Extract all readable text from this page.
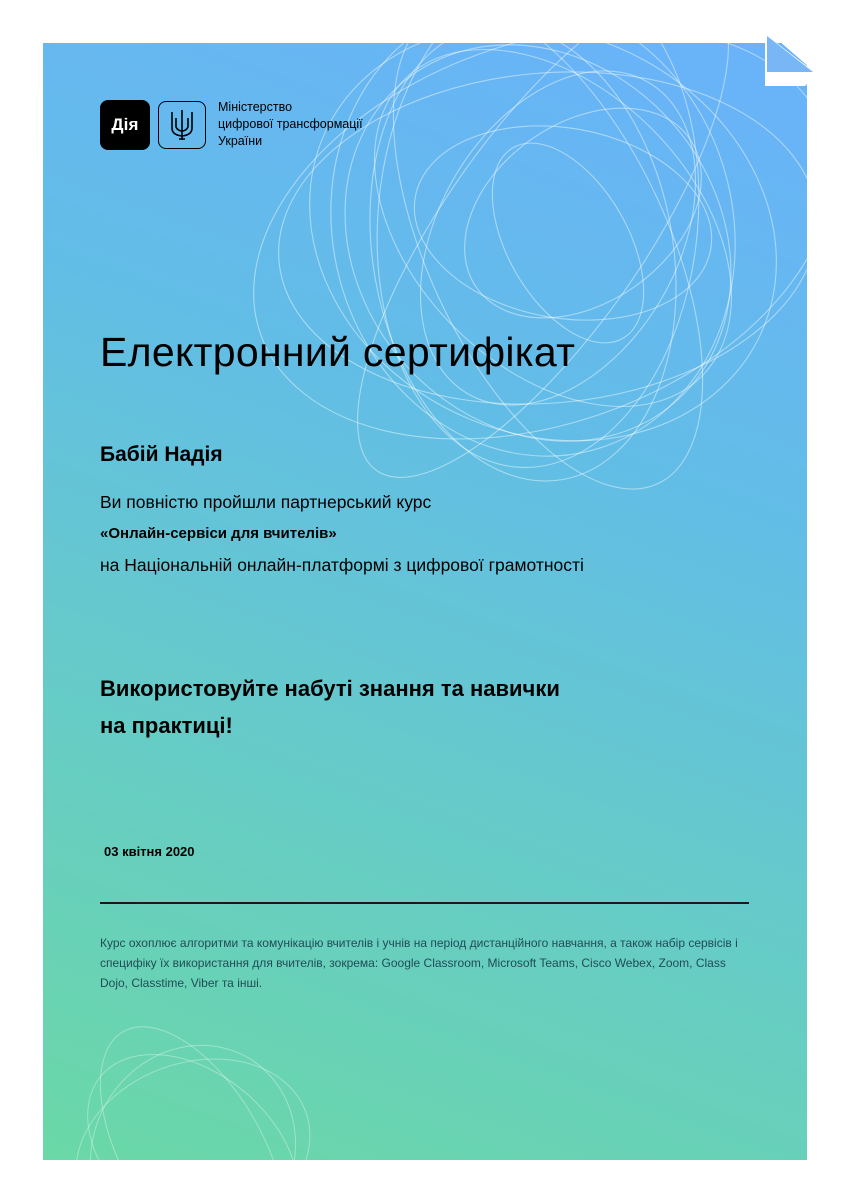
Дія
Міністерство
цифрової трансформації
України
Електронний сертифікат
Бабій Надія
Ви повністю пройшли партнерський курс
«Онлайн-сервіси для вчителів»
на Національній онлайн-платформі з цифрової грамотності
Використовуйте набуті знання та навички
на практиці!
03 квітня 2020
Курс охоплює алгоритми та комунікацію вчителів і учнів на період дистанційного навчання, а також набір сервісів і специфіку їх використання для вчителів, зокрема: Google Classroom, Microsoft Teams, Cisco Webex, Zoom, Class Dojo, Classtime, Viber та інші.
